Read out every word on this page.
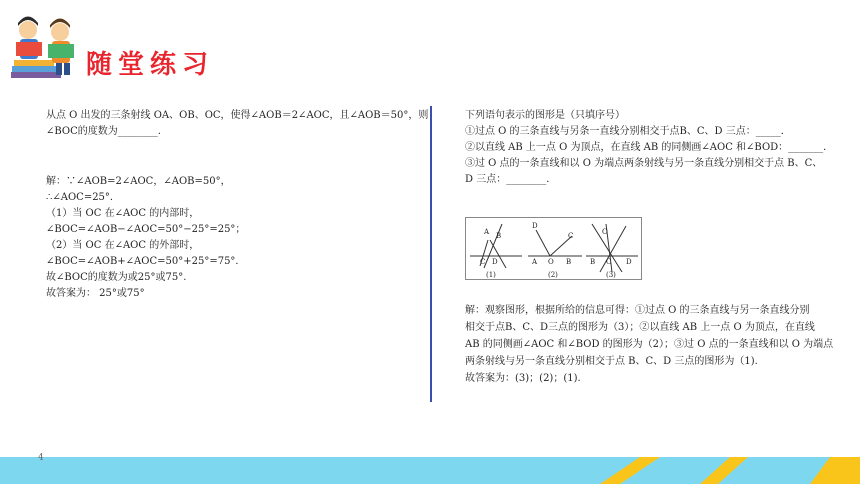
随堂练习

从点 O 出发的三条射线 OA、OB、OC，使得∠AOB＝2∠AOC，且∠AOB＝50°，则

∠BOC的度数为________.

解：∵∠AOB=2∠AOC，∠AOB=50°，

∴∠AOC=25°．

（1）当 OC 在∠AOC 的内部时，

∠BOC=∠AOB−∠AOC=50°−25°=25°；

（2）当 OC 在∠AOC 的外部时，

∠BOC=∠AOB+∠AOC=50°+25°=75°．

故∠BOC的度数为或25°或75°.

故答案为： 25°或75°

下列语句表示的图形是（只填序号）

①过点 O 的三条直线与另条一直线分别相交于点B、C、D 三点：_____．

②以直线 AB 上一点 O 为顶点，在直线 AB 的同侧画∠AOC 和∠BOD：_______．

③过 O 点的一条直线和以 O 为端点两条射线与另一条直线分别相交于点 B、C、

D 三点：________．

A B
C D
D
C
A O B
O
B C D
(1)	(2)	(3)

解：观察图形，根据所给的信息可得：①过点 O 的三条直线与另一条直线分别

相交于点B、C、D三点的图形为（3）；②以直线 AB 上一点 O 为顶点，在直线

AB 的同侧画∠AOC 和∠BOD 的图形为（2）；③过 O 点的一条直线和以 O 为端点

两条射线与另一条直线分别相交于点 B、C、D 三点的图形为（1).

故答案为：(3)；(2)；(1).

4
